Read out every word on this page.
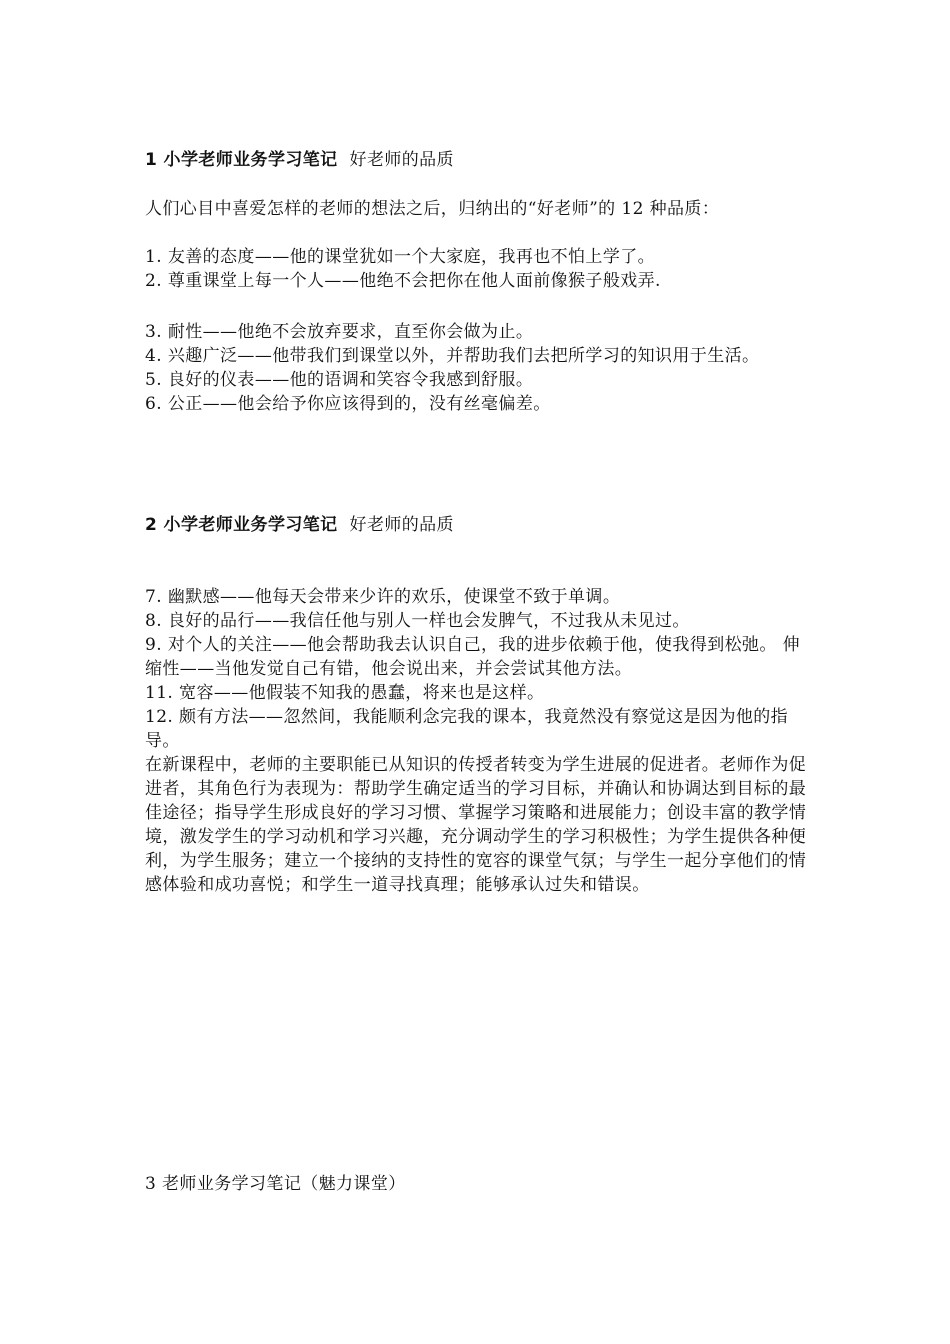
1 小学老师业务学习笔记 好老师的品质

人们心目中喜爱怎样的老师的想法之后，归纳出的“好老师”的 12 种品质：

1. 友善的态度——他的课堂犹如一个大家庭，我再也不怕上学了。
2. 尊重课堂上每一个人——他绝不会把你在他人面前像猴子般戏弄.
3. 耐性——他绝不会放弃要求，直至你会做为止。
4. 兴趣广泛——他带我们到课堂以外，并帮助我们去把所学习的知识用于生活。
5. 良好的仪表——他的语调和笑容令我感到舒服。
6. 公正——他会给予你应该得到的，没有丝毫偏差。
2 小学老师业务学习笔记 好老师的品质
7. 幽默感——他每天会带来少许的欢乐，使课堂不致于单调。
8. 良好的品行——我信任他与别人一样也会发脾气，不过我从未见过。
9. 对个人的关注——他会帮助我去认识自己，我的进步依赖于他，使我得到松弛。 伸缩性——当他发觉自己有错，他会说出来，并会尝试其他方法。
11. 宽容——他假装不知我的愚蠢，将来也是这样。
12. 颇有方法——忽然间，我能顺利念完我的课本，我竟然没有察觉这是因为他的指导。
在新课程中，老师的主要职能已从知识的传授者转变为学生进展的促进者。老师作为促进者，其角色行为表现为：帮助学生确定适当的学习目标，并确认和协调达到目标的最佳途径；指导学生形成良好的学习习惯、掌握学习策略和进展能力；创设丰富的教学情境，激发学生的学习动机和学习兴趣，充分调动学生的学习积极性；为学生提供各种便利，为学生服务；建立一个接纳的支持性的宽容的课堂气氛；与学生一起分享他们的情感体验和成功喜悦；和学生一道寻找真理；能够承认过失和错误。
3 老师业务学习笔记（魅力课堂）
